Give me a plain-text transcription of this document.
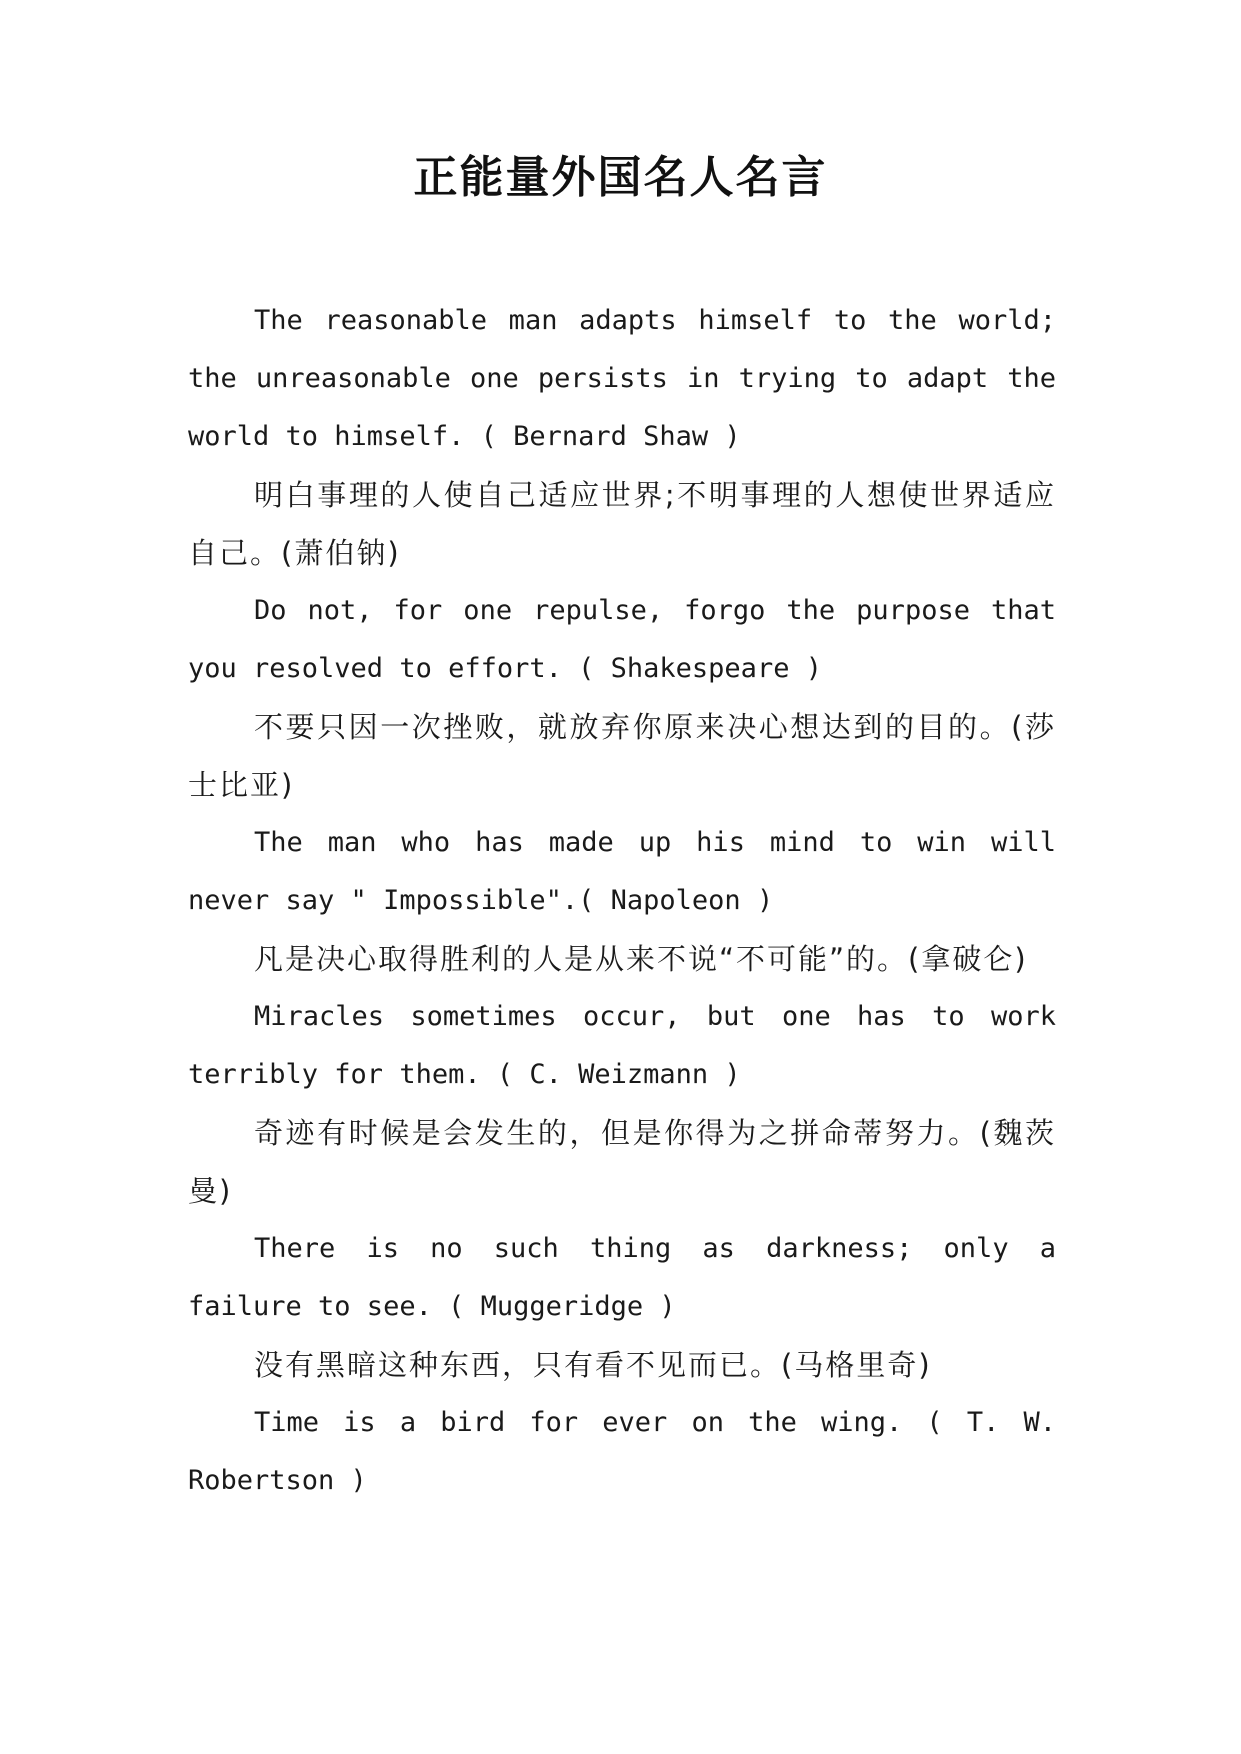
正能量外国名人名言

The reasonable man adapts himself to the world; the unreasonable one persists in trying to adapt the world to himself. ( Bernard Shaw )

明白事理的人使自己适应世界;不明事理的人想使世界适应自己。(萧伯钠)

Do not, for one repulse, forgo the purpose that you resolved to effort. ( Shakespeare )

不要只因一次挫败，就放弃你原来决心想达到的目的。(莎士比亚)

The man who has made up his mind to win will never say " Impossible".( Napoleon )

凡是决心取得胜利的人是从来不说“不可能”的。(拿破仑)

Miracles sometimes occur, but one has to work terribly for them. ( C. Weizmann )

奇迹有时候是会发生的，但是你得为之拼命蒂努力。(魏茨曼)

There is no such thing as darkness; only a failure to see. ( Muggeridge )

没有黑暗这种东西，只有看不见而已。(马格里奇)

Time is a bird for ever on the wing. ( T. W. Robertson )
